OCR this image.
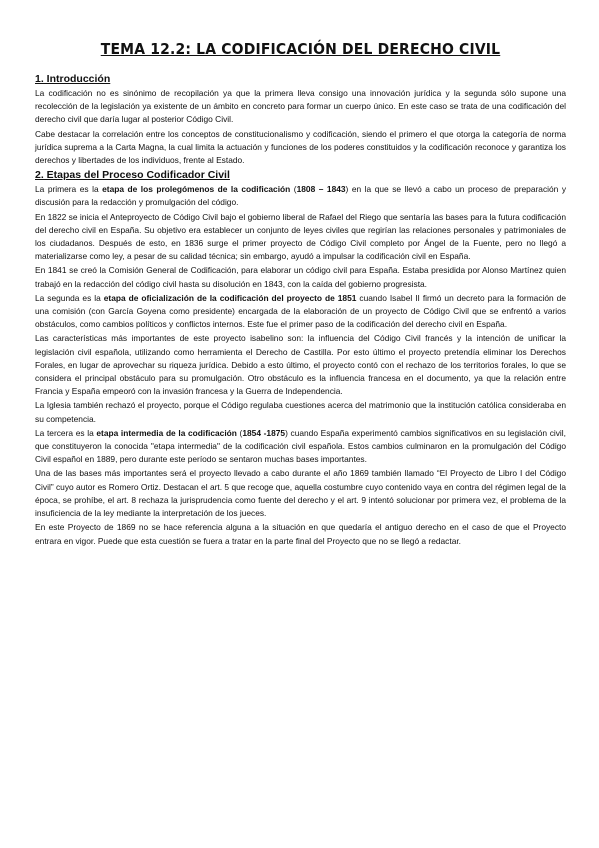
TEMA 12.2: LA CODIFICACIÓN DEL DERECHO CIVIL
1. Introducción
La codificación no es sinónimo de recopilación ya que la primera lleva consigo una innovación jurídica y la segunda sólo supone una recolección de la legislación ya existente de un ámbito en concreto para formar un cuerpo único. En este caso se trata de una codificación del derecho civil que daría lugar al posterior Código Civil.
Cabe destacar la correlación entre los conceptos de constitucionalismo y codificación, siendo el primero el que otorga la categoría de norma jurídica suprema a la Carta Magna, la cual limita la actuación y funciones de los poderes constituidos y la codificación reconoce y garantiza los derechos y libertades de los individuos, frente al Estado.
2. Etapas del Proceso Codificador Civil
La primera es la etapa de los prolegómenos de la codificación (1808 – 1843) en la que se llevó a cabo un proceso de preparación y discusión para la redacción y promulgación del código.
En 1822 se inicia el Anteproyecto de Código Civil bajo el gobierno liberal de Rafael del Riego que sentaría las bases para la futura codificación del derecho civil en España. Su objetivo era establecer un conjunto de leyes civiles que regirían las relaciones personales y patrimoniales de los ciudadanos. Después de esto, en 1836 surge el primer proyecto de Código Civil completo por Ángel de la Fuente, pero no llegó a materializarse como ley, a pesar de su calidad técnica; sin embargo, ayudó a impulsar la codificación civil en España.
En 1841 se creó la Comisión General de Codificación, para elaborar un código civil para España. Estaba presidida por Alonso Martínez quien trabajó en la redacción del código civil hasta su disolución en 1843, con la caída del gobierno progresista.
La segunda es la etapa de oficialización de la codificación del proyecto de 1851 cuando Isabel II firmó un decreto para la formación de una comisión (con García Goyena como presidente) encargada de la elaboración de un proyecto de Código Civil que se enfrentó a varios obstáculos, como cambios políticos y conflictos internos. Este fue el primer paso de la codificación del derecho civil en España.
Las características más importantes de este proyecto isabelino son: la influencia del Código Civil francés y la intención de unificar la legislación civil española, utilizando como herramienta el Derecho de Castilla. Por esto último el proyecto pretendía eliminar los Derechos Forales, en lugar de aprovechar su riqueza jurídica. Debido a esto último, el proyecto contó con el rechazo de los territorios forales, lo que se considera el principal obstáculo para su promulgación. Otro obstáculo es la influencia francesa en el documento, ya que la relación entre Francia y España empeoró con la invasión francesa y la Guerra de Independencia.
La Iglesia también rechazó el proyecto, porque el Código regulaba cuestiones acerca del matrimonio que la institución católica consideraba en su competencia.
La tercera es la etapa intermedia de la codificación (1854 -1875) cuando España experimentó cambios significativos en su legislación civil, que constituyeron la conocida "etapa intermedia" de la codificación civil española. Estos cambios culminaron en la promulgación del Código Civil español en 1889, pero durante este período se sentaron muchas bases importantes.
Una de las bases más importantes será el proyecto llevado a cabo durante el año 1869 también llamado “El Proyecto de Libro I del Código Civil” cuyo autor es Romero Ortiz. Destacan el art. 5 que recoge que, aquella costumbre cuyo contenido vaya en contra del régimen legal de la época, se prohíbe, el art. 8 rechaza la jurisprudencia como fuente del derecho y el art. 9 intentó solucionar por primera vez, el problema de la insuficiencia de la ley mediante la interpretación de los jueces.
En este Proyecto de 1869 no se hace referencia alguna a la situación en que quedaría el antiguo derecho en el caso de que el Proyecto entrara en vigor. Puede que esta cuestión se fuera a tratar en la parte final del Proyecto que no se llegó a redactar.
